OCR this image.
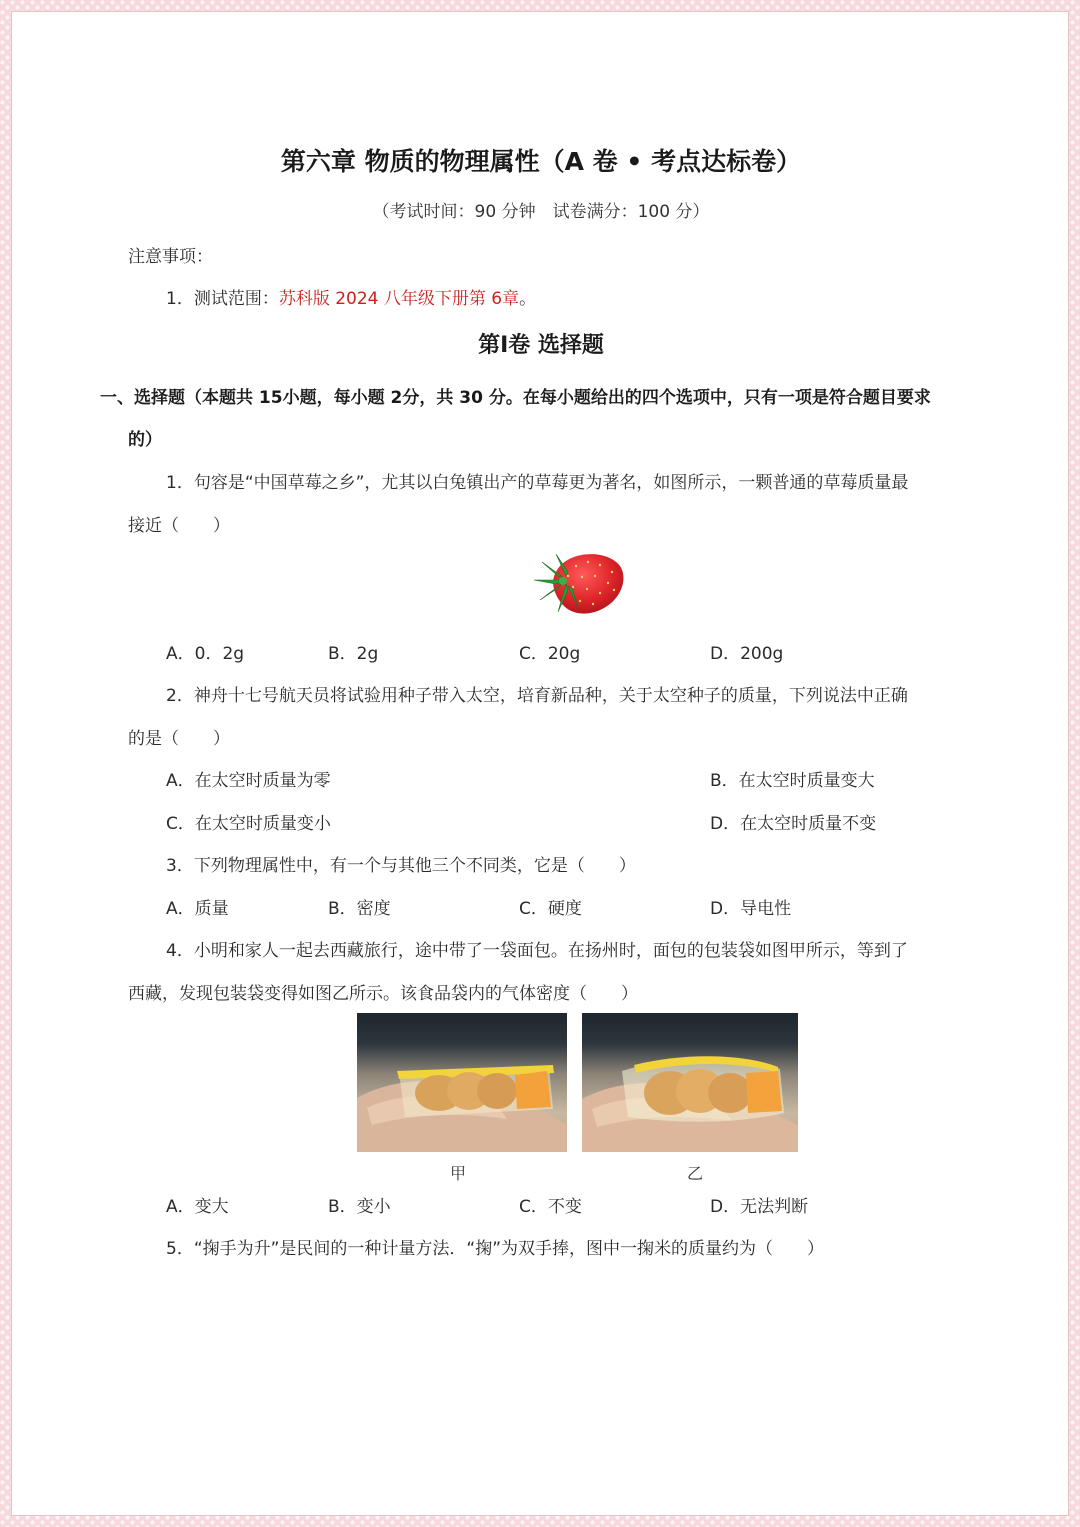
第六章 物质的物理属性（A 卷 • 考点达标卷）
（考试时间：90 分钟　试卷满分：100 分）
注意事项：
1．测试范围：苏科版 2024 八年级下册第 6章。
第Ⅰ卷 选择题
一、选择题（本题共 15小题，每小题 2分，共 30 分。在每小题给出的四个选项中，只有一项是符合题目要求
的）
1．句容是“中国草莓之乡”，尤其以白兔镇出产的草莓更为著名，如图所示，一颗普通的草莓质量最
接近（　　）
A．0．2g	B．2g	C．20g	D．200g
2．神舟十七号航天员将试验用种子带入太空，培育新品种，关于太空种子的质量，下列说法中正确
的是（　　）
A．在太空时质量为零	B．在太空时质量变大
C．在太空时质量变小	D．在太空时质量不变
3．下列物理属性中，有一个与其他三个不同类，它是（　　）
A．质量	B．密度	C．硬度	D．导电性
4．小明和家人一起去西藏旅行，途中带了一袋面包。在扬州时，面包的包装袋如图甲所示，等到了
西藏，发现包装袋变得如图乙所示。该食品袋内的气体密度（　　）
甲	乙
A．变大	B．变小	C．不变	D．无法判断
5．“掬手为升”是民间的一种计量方法．“掬”为双手捧，图中一掬米的质量约为（　　）
